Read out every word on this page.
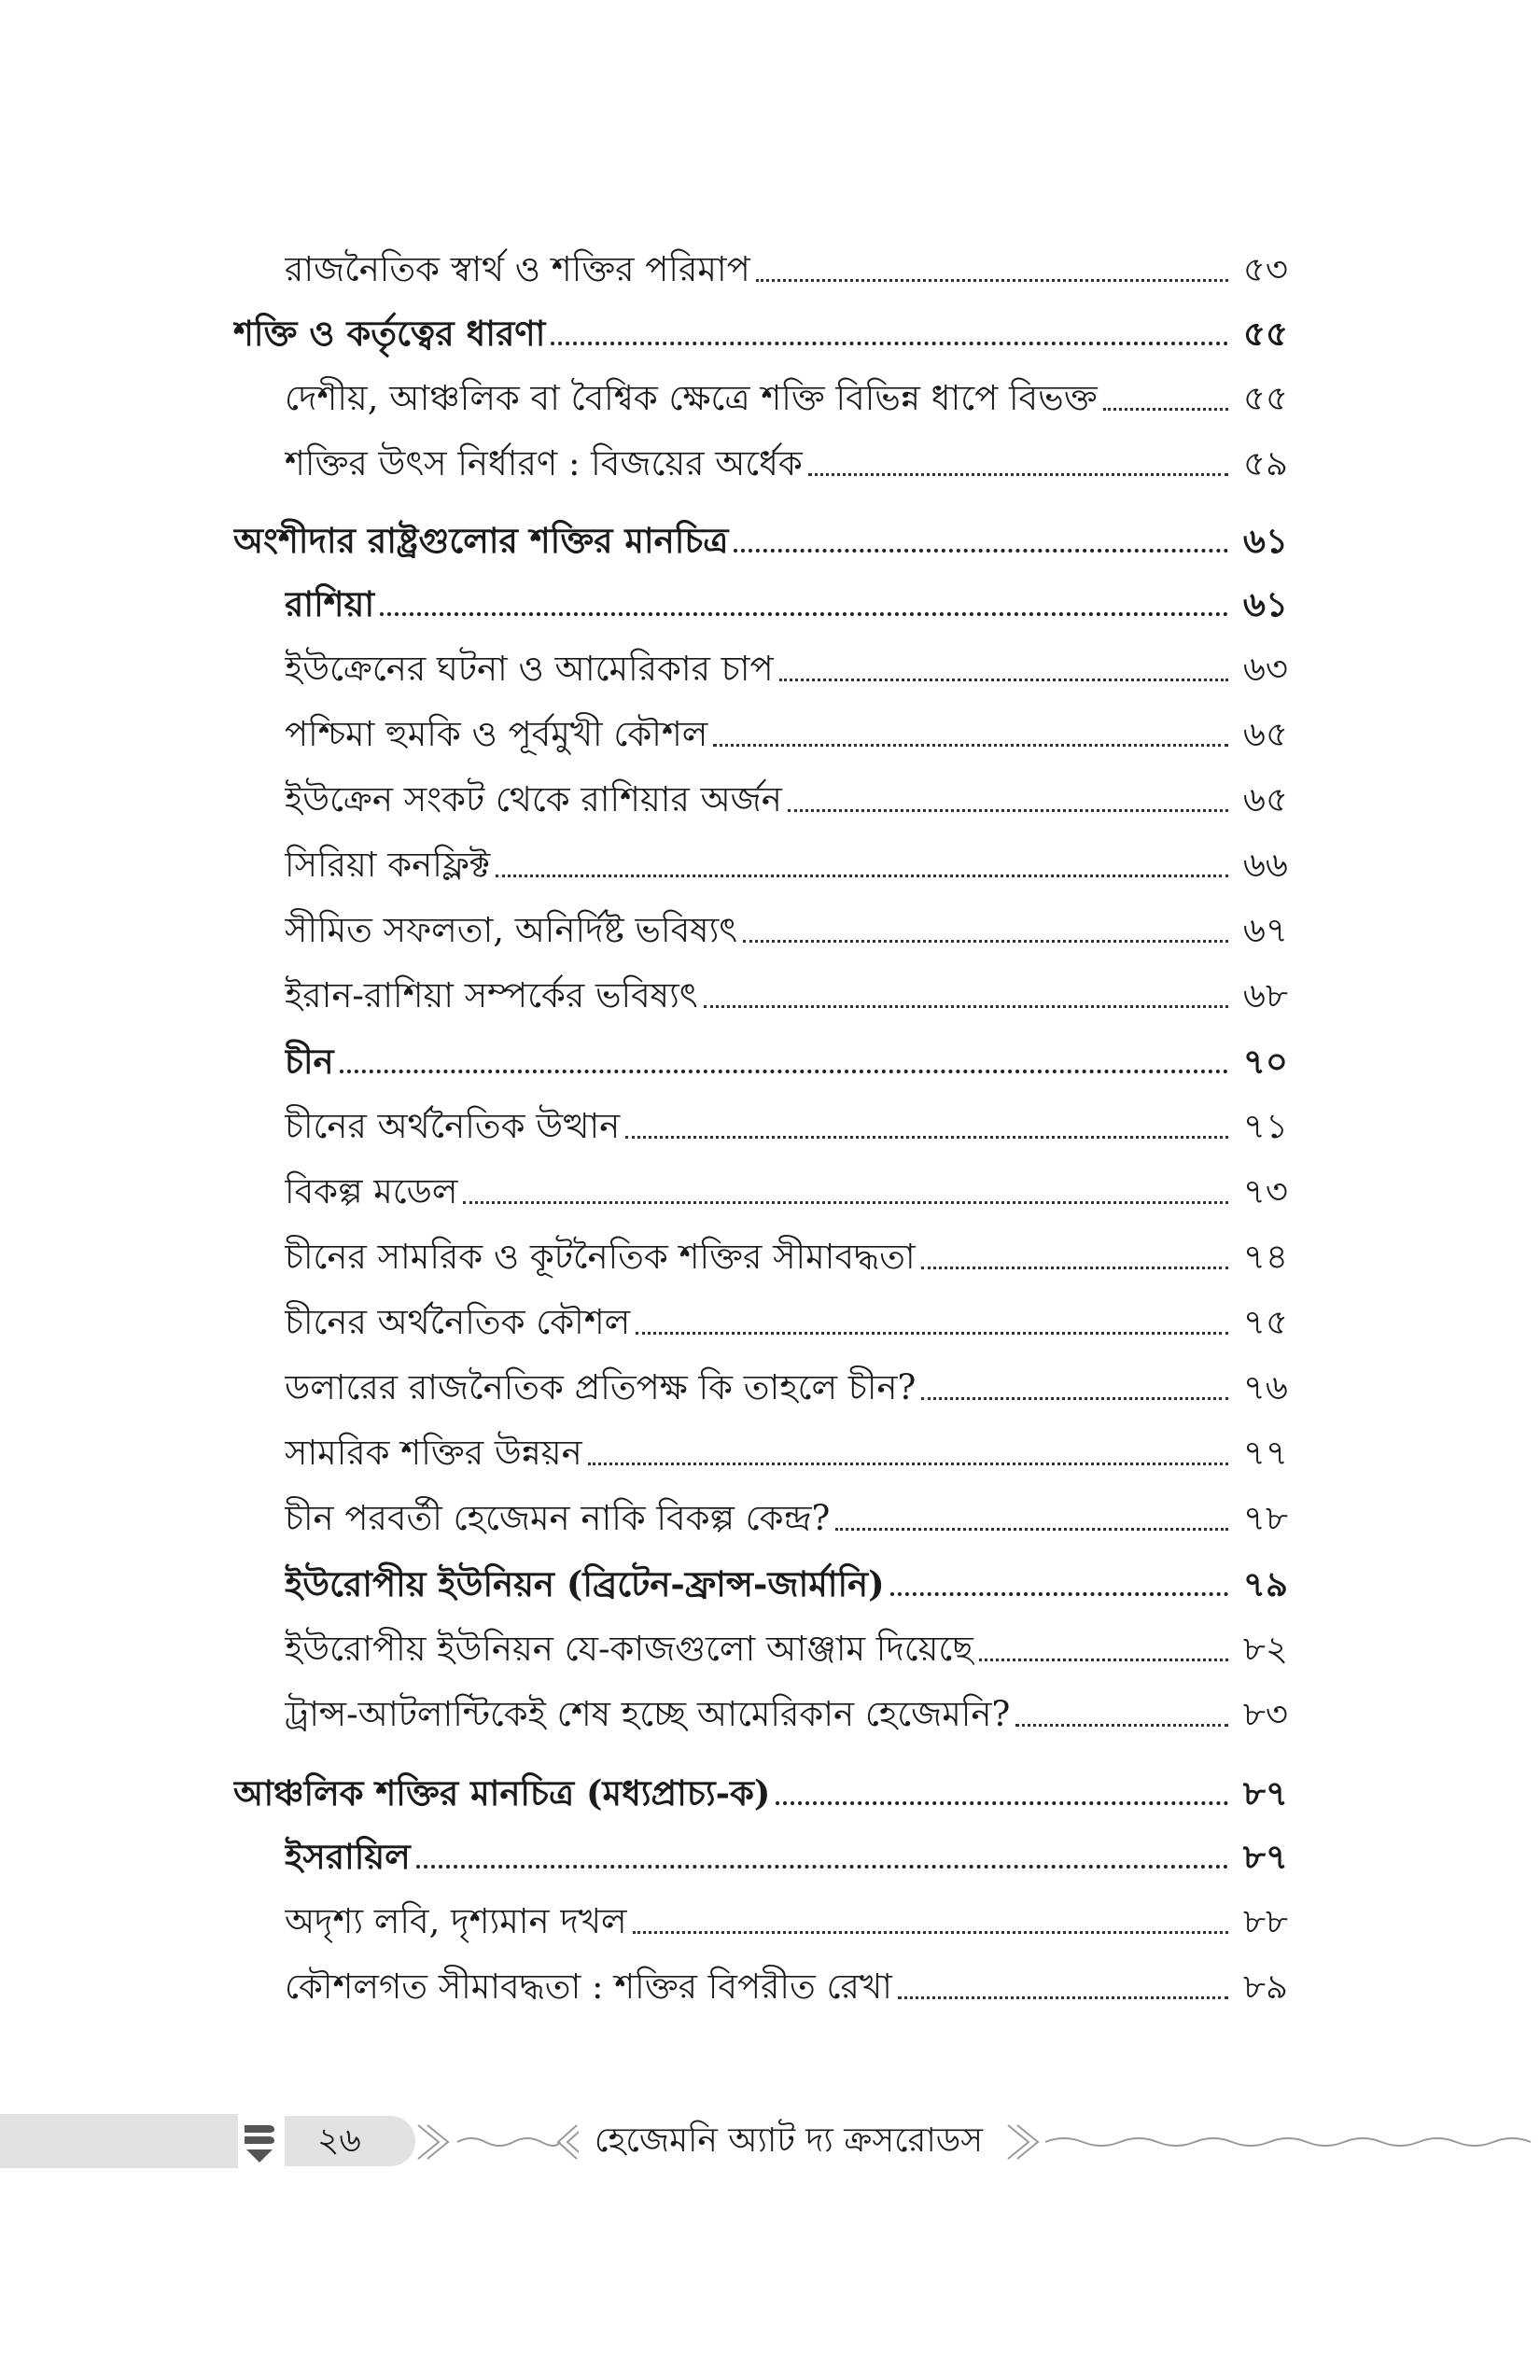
রাজনৈতিক স্বার্থ ও শক্তির পরিমাপ	৫৩
শক্তি ও কর্তৃত্বের ধারণা	৫৫
দেশীয়, আঞ্চলিক বা বৈশ্বিক ক্ষেত্রে শক্তি বিভিন্ন ধাপে বিভক্ত	৫৫
শক্তির উৎস নির্ধারণ : বিজয়ের অর্ধেক	৫৯
অংশীদার রাষ্ট্রগুলোর শক্তির মানচিত্র	৬১
রাশিয়া	৬১
ইউক্রেনের ঘটনা ও আমেরিকার চাপ	৬৩
পশ্চিমা হুমকি ও পূর্বমুখী কৌশল	৬৫
ইউক্রেন সংকট থেকে রাশিয়ার অর্জন	৬৫
সিরিয়া কনফ্লিক্ট	৬৬
সীমিত সফলতা, অনির্দিষ্ট ভবিষ্যৎ	৬৭
ইরান-রাশিয়া সম্পর্কের ভবিষ্যৎ	৬৮
চীন	৭০
চীনের অর্থনৈতিক উত্থান	৭১
বিকল্প মডেল	৭৩
চীনের সামরিক ও কূটনৈতিক শক্তির সীমাবদ্ধতা	৭৪
চীনের অর্থনৈতিক কৌশল	৭৫
ডলারের রাজনৈতিক প্রতিপক্ষ কি তাহলে চীন?	৭৬
সামরিক শক্তির উন্নয়ন	৭৭
চীন পরবর্তী হেজেমন নাকি বিকল্প কেন্দ্র?	৭৮
ইউরোপীয় ইউনিয়ন (ব্রিটেন-ফ্রান্স-জার্মানি)	৭৯
ইউরোপীয় ইউনিয়ন যে-কাজগুলো আঞ্জাম দিয়েছে	৮২
ট্রান্স-আটলান্টিকেই শেষ হচ্ছে আমেরিকান হেজেমনি?	৮৩
আঞ্চলিক শক্তির মানচিত্র (মধ্যপ্রাচ্য-ক)	৮৭
ইসরায়িল	৮৭
অদৃশ্য লবি, দৃশ্যমান দখল	৮৮
কৌশলগত সীমাবদ্ধতা : শক্তির বিপরীত রেখা	৮৯
২৬	হেজেমনি অ্যাট দ্য ক্রসরোডস
